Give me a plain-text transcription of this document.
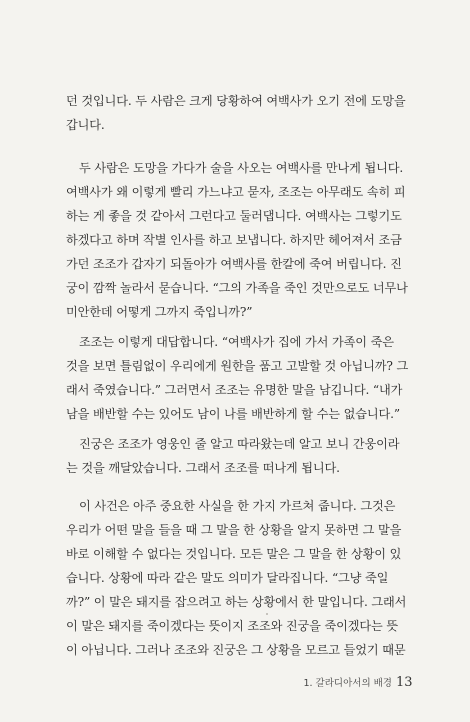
던 것입니다. 두 사람은 크게 당황하여 여백사가 오기 전에 도망을
갑니다.
두 사람은 도망을 가다가 술을 사오는 여백사를 만나게 됩니다.
여백사가 왜 이렇게 빨리 가느냐고 묻자, 조조는 아무래도 속히 피
하는 게 좋을 것 같아서 그런다고 둘러댑니다. 여백사는 그렇기도
하겠다고 하며 작별 인사를 하고 보냅니다. 하지만 헤어져서 조금
가던 조조가 갑자기 되돌아가 여백사를 한칼에 죽여 버립니다. 진
궁이 깜짝 놀라서 묻습니다. “그의 가족을 죽인 것만으로도 너무나
미안한데 어떻게 그까지 죽입니까?”
조조는 이렇게 대답합니다. “여백사가 집에 가서 가족이 죽은
것을 보면 틀림없이 우리에게 원한을 품고 고발할 것 아닙니까? 그
래서 죽였습니다.” 그러면서 조조는 유명한 말을 남깁니다. “내가
남을 배반할 수는 있어도 남이 나를 배반하게 할 수는 없습니다.”
진궁은 조조가 영웅인 줄 알고 따라왔는데 알고 보니 간웅이라
는 것을 깨달았습니다. 그래서 조조를 떠나게 됩니다.
이 사건은 아주 중요한 사실을 한 가지 가르쳐 줍니다. 그것은
우리가 어떤 말을 들을 때 그 말을 한 상황을 알지 못하면 그 말을
바로 이해할 수 없다는 것입니다. 모든 말은 그 말을 한 상황이 있
습니다. 상황에 따라 같은 말도 의미가 달라집니다. “그냥 죽일
까?” 이 말은 돼지를 잡으려고 하는 상황에서 한 말입니다. 그래서
이 말은 돼지를 죽이겠다는 뜻이지 조조와 진궁을 죽이겠다는 뜻
이 아닙니다. 그러나 조조와 진궁은 그 상황을 모르고 들었기 때문
1. 갈라디아서의 배경 13
